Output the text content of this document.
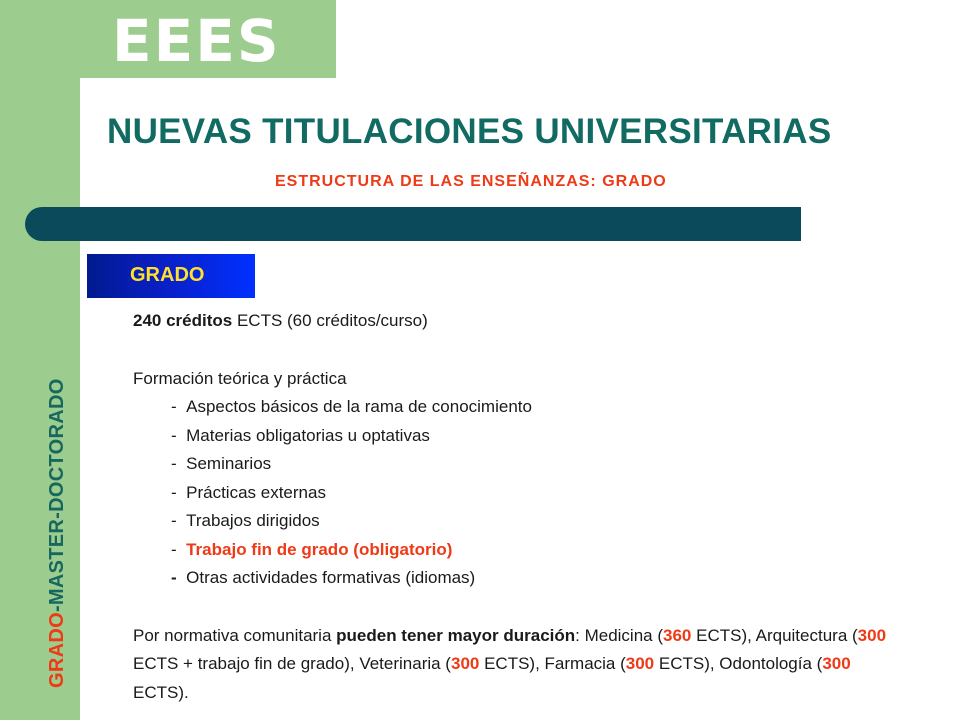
EEES
NUEVAS TITULACIONES UNIVERSITARIAS
ESTRUCTURA DE LAS ENSEÑANZAS: GRADO
GRADO-MASTER-DOCTORADO
GRADO
240 créditos ECTS (60 créditos/curso)
Formación teórica y práctica
-  Aspectos básicos de la rama de conocimiento
-  Materias obligatorias u optativas
-  Seminarios
-  Prácticas externas
-  Trabajos dirigidos
-  Trabajo fin de grado (obligatorio)
- Otras actividades formativas (idiomas)
Por normativa comunitaria pueden tener mayor duración: Medicina (360 ECTS), Arquitectura (300 ECTS + trabajo fin de grado), Veterinaria (300 ECTS), Farmacia (300 ECTS), Odontología (300 ECTS).
